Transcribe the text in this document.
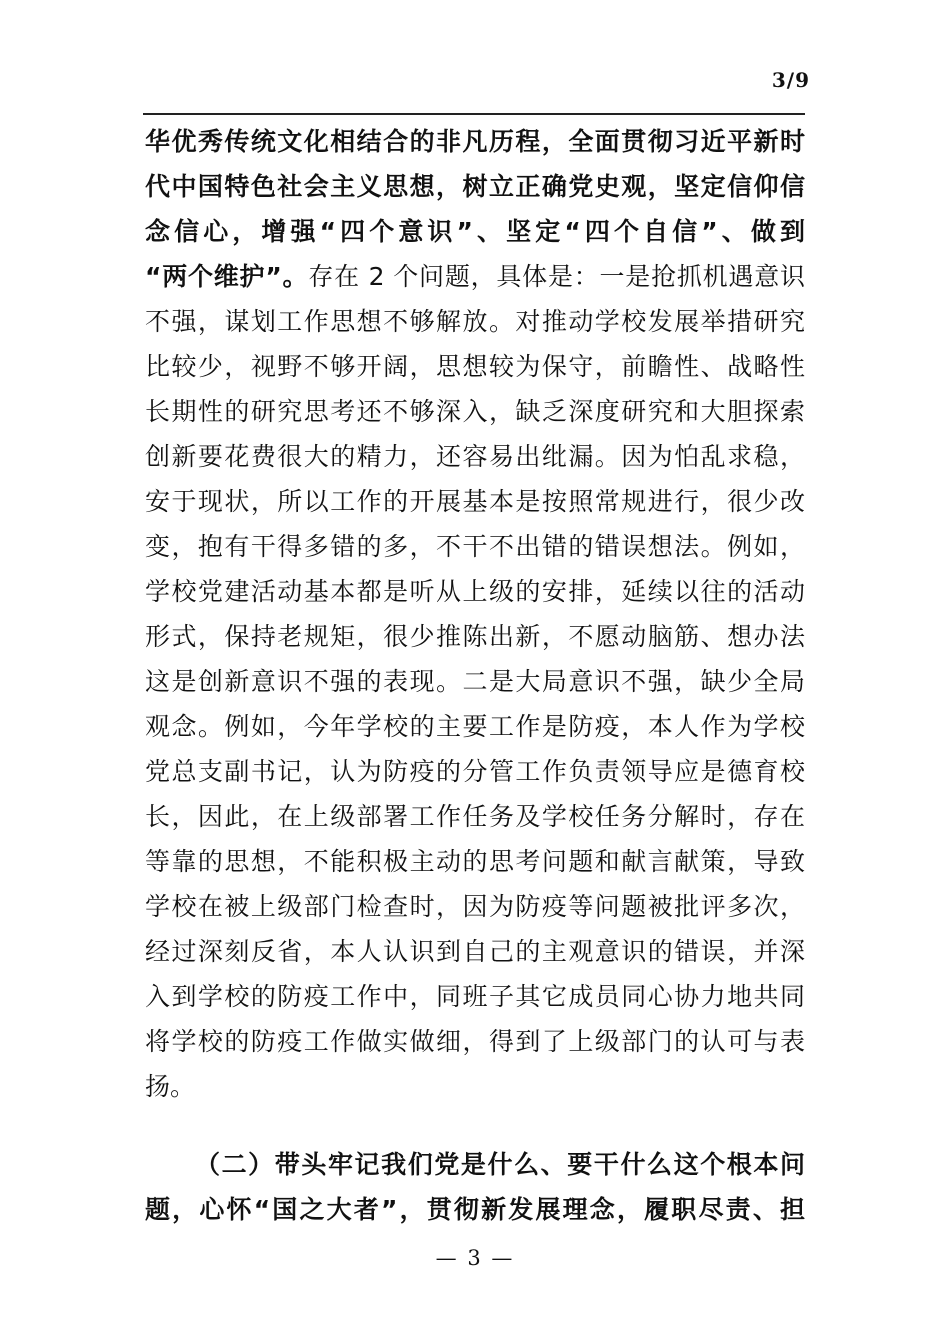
3/9
华优秀传统文化相结合的非凡历程，全面贯彻习近平新时
代中国特色社会主义思想，树立正确党史观，坚定信仰信
念信心，增强“四个意识”、坚定“四个自信”、做到
“两个维护”。存在 2 个问题，具体是：一是抢抓机遇意识
不强，谋划工作思想不够解放。对推动学校发展举措研究
比较少，视野不够开阔，思想较为保守，前瞻性、战略性
长期性的研究思考还不够深入，缺乏深度研究和大胆探索
创新要花费很大的精力，还容易出纰漏。因为怕乱求稳，
安于现状，所以工作的开展基本是按照常规进行，很少改
变，抱有干得多错的多，不干不出错的错误想法。例如，
学校党建活动基本都是听从上级的安排，延续以往的活动
形式，保持老规矩，很少推陈出新，不愿动脑筋、想办法
这是创新意识不强的表现。二是大局意识不强，缺少全局
观念。例如，今年学校的主要工作是防疫，本人作为学校
党总支副书记，认为防疫的分管工作负责领导应是德育校
长，因此，在上级部署工作任务及学校任务分解时，存在
等靠的思想，不能积极主动的思考问题和献言献策，导致
学校在被上级部门检查时，因为防疫等问题被批评多次，
经过深刻反省，本人认识到自己的主观意识的错误，并深
入到学校的防疫工作中，同班子其它成员同心协力地共同
将学校的防疫工作做实做细，得到了上级部门的认可与表
扬。
（二）带头牢记我们党是什么、要干什么这个根本问
题，心怀“国之大者”，贯彻新发展理念，履职尽责、担
— 3 —
